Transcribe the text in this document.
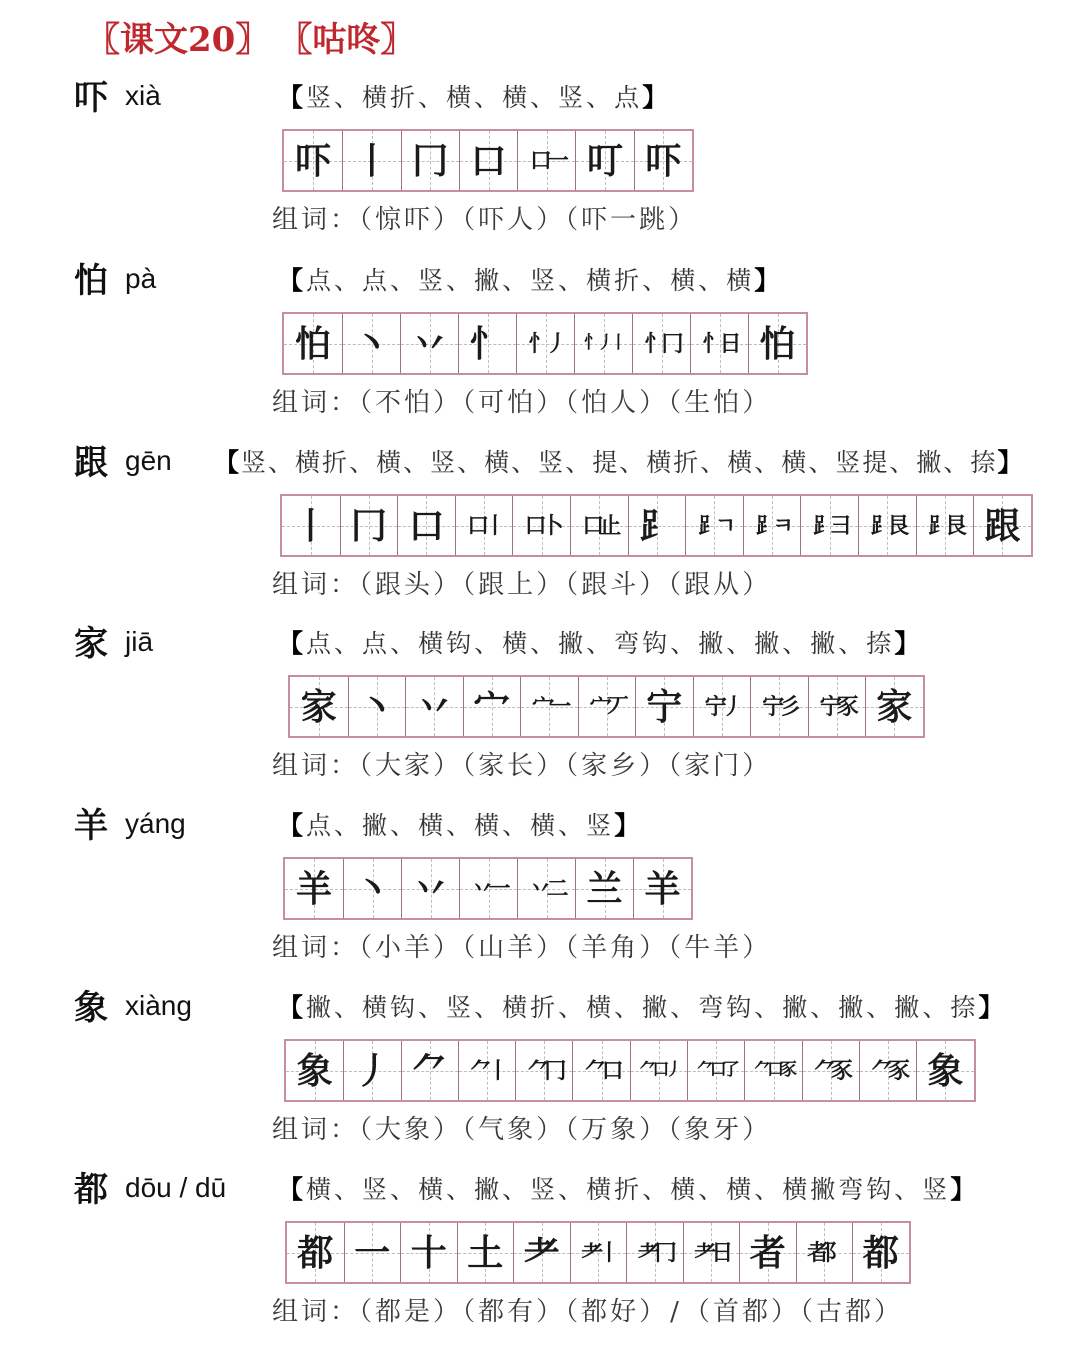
〖课文20〗 〖咕咚〗
吓 xià	【竖、横折、横、横、竖、点】
吓 丨 冂 口 口一 叮 吓
组词：（惊吓）（吓人）（吓一跳）
怕 pà	【点、点、竖、撇、竖、横折、横、横】
怕 丶 丷 忄 忄丿 忄丿丨 忄冂 忄日 怕
组词：（不怕）（可怕）（怕人）（生怕）
跟 gēn 【竖、横折、横、竖、横、竖、提、横折、横、横、竖提、撇、捺】
丨 冂 口 口丨 口卜 口止 ⻊ ⻊ㄱ ⻊ㅋ ⻊彐 ⻊艮 ⻊艮 跟
组词：（跟头）（跟上）（跟斗）（跟从）
家 jiā	【点、点、横钩、横、撇、弯钩、撇、撇、撇、捺】
家 丶 丷 宀 宀一 宀丆 宁 宁丿 宁彡 宁豕 家
组词：（大家）（家长）（家乡）（家门）
羊 yáng	【点、撇、横、横、横、竖】
羊 丶 丷 丷一 丷二 兰 羊
组词：（小羊）（山羊）（羊角）（牛羊）
象 xiàng	【撇、横钩、竖、横折、横、撇、弯钩、撇、撇、撇、捺】
象 丿 ⺈ ⺈丨 ⺈冂 ⺈口 ⺈口丿 ⺈口了 ⺈口豕 ⺈豕 ⺈豕 象
组词：（大象）（气象）（万象）（象牙）
都 dōu / dū 【横、竖、横、撇、竖、横折、横、横、横撇弯钩、竖】
都 一 十 土 耂 耂丨 耂冂 耂日 者 者阝 都
组词：（都是）（都有）（都好）/（首都）（古都）
